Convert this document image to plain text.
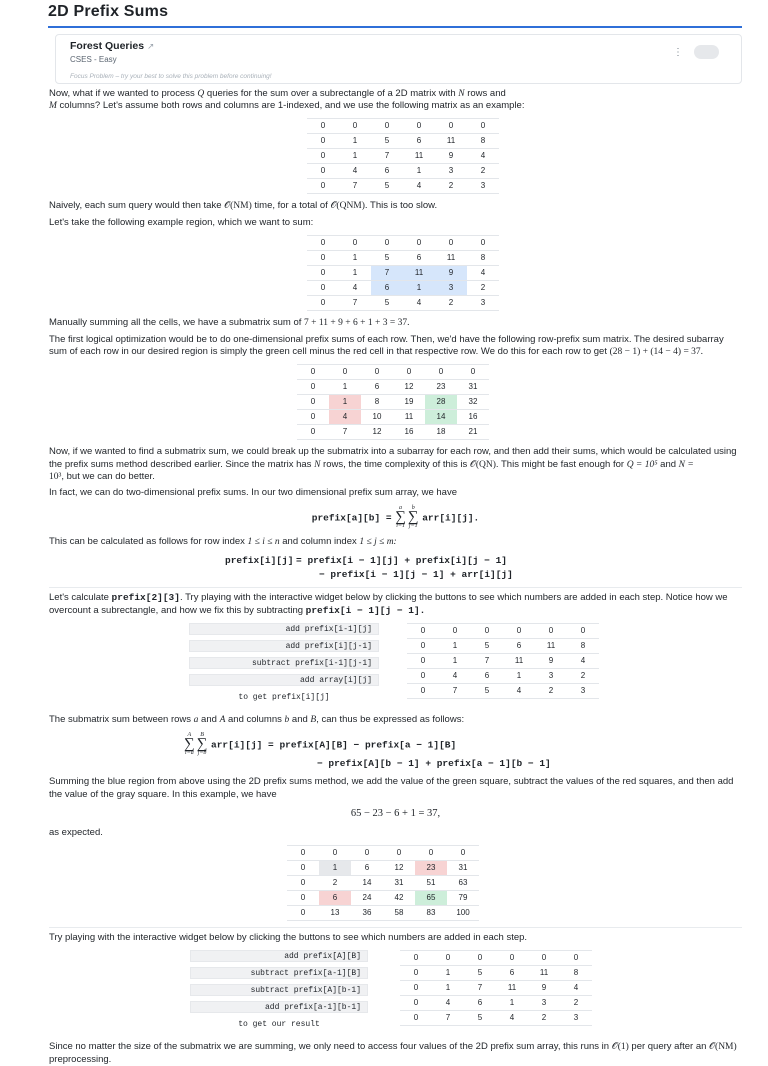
2D Prefix Sums
Forest Queries ↗
CSES - Easy
Focus Problem – try your best to solve this problem before continuing!
⋮

Now, what if we wanted to process Q queries for the sum over a subrectangle of a 2D matrix with N rows and
M columns? Let's assume both rows and columns are 1-indexed, and we use the following matrix as an example:

0	0	0	0	0	0
0	1	5	6	11	8
0	1	7	11	9	4
0	4	6	1	3	2
0	7	5	4	2	3

Naively, each sum query would then take 𝒪(NM) time, for a total of 𝒪(QNM). This is too slow.

Let's take the following example region, which we want to sum:

0	0	0	0	0	0
0	1	5	6	11	8
0	1	7	11	9	4
0	4	6	1	3	2
0	7	5	4	2	3

Manually summing all the cells, we have a submatrix sum of 7 + 11 + 9 + 6 + 1 + 3 = 37.

The first logical optimization would be to do one-dimensional prefix sums of each row. Then, we'd have the following row-prefix sum matrix. The desired subarray sum of each row in our desired region is simply the green cell minus the red cell in that respective row. We do this for each row to get (28 − 1) + (14 − 4) = 37.

0	0	0	0	0	0
0	1	6	12	23	31
0	1	8	19	28	32
0	4	10	11	14	16
0	7	12	16	18	21

Now, if we wanted to find a submatrix sum, we could break up the submatrix into a subarray for each row, and then add their sums, which would be calculated using the prefix sums method described earlier. Since the matrix has N rows, the time complexity of this is 𝒪(QN). This might be fast enough for Q = 10⁵ and N =
10³, but we can do better.

In fact, we can do two-dimensional prefix sums. In our two dimensional prefix sum array, we have

prefix[a][b] =
a
∑
i=1
b
∑
j=1
arr[i][j].

This can be calculated as follows for row index 1 ≤ i ≤ n and column index 1 ≤ j ≤ m:

prefix[i][j] = prefix[i − 1][j] + prefix[i][j − 1]
− prefix[i − 1][j − 1] + arr[i][j]

Let's calculate prefix[2][3]. Try playing with the interactive widget below by clicking the buttons to see which numbers are added in each step. Notice how we overcount a subrectangle, and how we fix this by subtracting prefix[i − 1][j − 1].

add prefix[i-1][j]
add prefix[i][j-1]
subtract prefix[i-1][j-1]
add array[i][j]
to get prefix[i][j]
0	0	0	0	0	0
0	1	5	6	11	8
0	1	7	11	9	4
0	4	6	1	3	2
0	7	5	4	2	3

The submatrix sum between rows a and A and columns b and B, can thus be expressed as follows:

A
∑
i=a
B
∑
j=b
arr[i][j] = prefix[A][B] − prefix[a − 1][B]
− prefix[A][b − 1] + prefix[a − 1][b − 1]

Summing the blue region from above using the 2D prefix sums method, we add the value of the green square, subtract the values of the red squares, and then add the value of the gray square. In this example, we have

65 − 23 − 6 + 1 = 37,

as expected.

0	0	0	0	0	0
0	1	6	12	23	31
0	2	14	31	51	63
0	6	24	42	65	79
0	13	36	58	83	100

Try playing with the interactive widget below by clicking the buttons to see which numbers are added in each step.

add prefix[A][B]
subtract prefix[a-1][B]
subtract prefix[A][b-1]
add prefix[a-1][b-1]
to get our result
0	0	0	0	0	0
0	1	5	6	11	8
0	1	7	11	9	4
0	4	6	1	3	2
0	7	5	4	2	3

Since no matter the size of the submatrix we are summing, we only need to access four values of the 2D prefix sum array, this runs in 𝒪(1) per query after an 𝒪(NM) preprocessing.
